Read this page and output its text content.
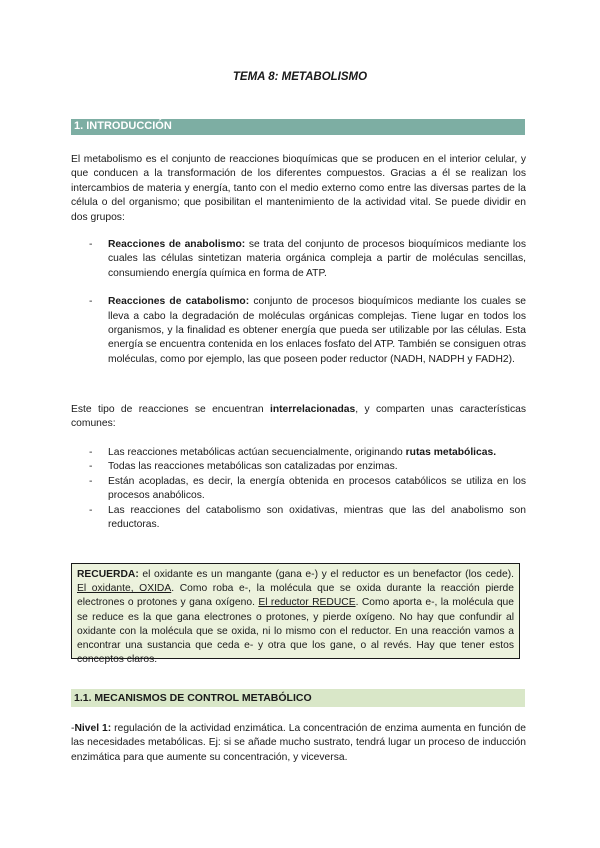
TEMA 8: METABOLISMO
1. INTRODUCCIÓN
El metabolismo es el conjunto de reacciones bioquímicas que se producen en el interior celular, y que conducen a la transformación de los diferentes compuestos. Gracias a él se realizan los intercambios de materia y energía, tanto con el medio externo como entre las diversas partes de la célula o del organismo; que posibilitan el mantenimiento de la actividad vital. Se puede dividir en dos grupos:
- Reacciones de anabolismo: se trata del conjunto de procesos bioquímicos mediante los cuales las células sintetizan materia orgánica compleja a partir de moléculas sencillas, consumiendo energía química en forma de ATP.
- Reacciones de catabolismo: conjunto de procesos bioquímicos mediante los cuales se lleva a cabo la degradación de moléculas orgánicas complejas. Tiene lugar en todos los organismos, y la finalidad es obtener energía que pueda ser utilizable por las células. Esta energía se encuentra contenida en los enlaces fosfato del ATP. También se consiguen otras moléculas, como por ejemplo, las que poseen poder reductor (NADH, NADPH y FADH2).
Este tipo de reacciones se encuentran interrelacionadas, y comparten unas características comunes:
- Las reacciones metabólicas actúan secuencialmente, originando rutas metabólicas.
- Todas las reacciones metabólicas son catalizadas por enzimas.
- Están acopladas, es decir, la energía obtenida en procesos catabólicos se utiliza en los procesos anabólicos.
- Las reacciones del catabolismo son oxidativas, mientras que las del anabolismo son reductoras.
RECUERDA: el oxidante es un mangante (gana e-) y el reductor es un benefactor (los cede). El oxidante, OXIDA. Como roba e-, la molécula que se oxida durante la reacción pierde electrones o protones y gana oxígeno. El reductor REDUCE. Como aporta e-, la molécula que se reduce es la que gana electrones o protones, y pierde oxígeno. No hay que confundir al oxidante con la molécula que se oxida, ni lo mismo con el reductor. En una reacción vamos a encontrar una sustancia que ceda e- y otra que los gane, o al revés. Hay que tener estos conceptos claros.
1.1. MECANISMOS DE CONTROL METABÓLICO
-Nivel 1: regulación de la actividad enzimática. La concentración de enzima aumenta en función de las necesidades metabólicas. Ej: si se añade mucho sustrato, tendrá lugar un proceso de inducción enzimática para que aumente su concentración, y viceversa.
